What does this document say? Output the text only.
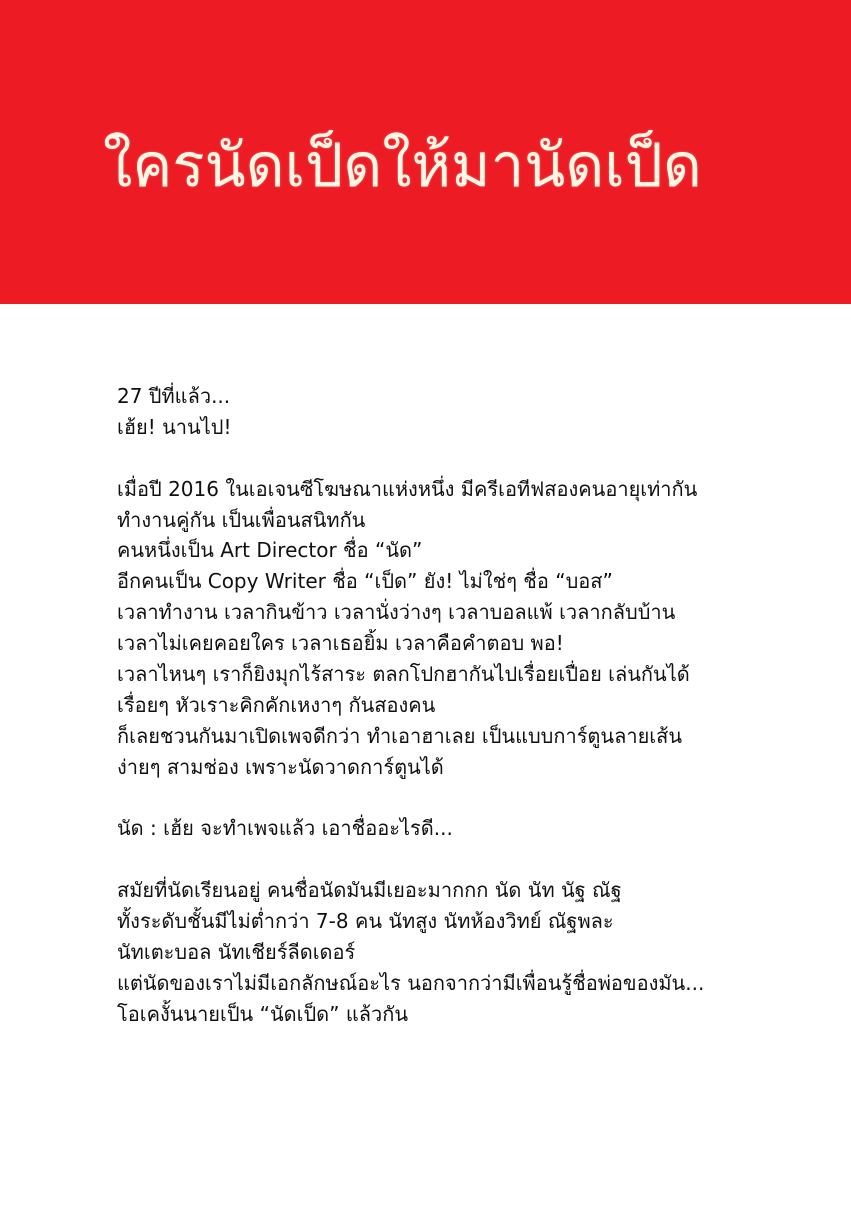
ใครนัดเป็ดให้มานัดเป็ด
27 ปีที่แล้ว...
เฮ้ย! นานไป!
เมื่อปี 2016 ในเอเจนซีโฆษณาแห่งหนึ่ง มีครีเอทีฟสองคนอายุเท่ากัน
ทำงานคู่กัน เป็นเพื่อนสนิทกัน
คนหนึ่งเป็น Art Director ชื่อ “นัด”
อีกคนเป็น Copy Writer ชื่อ “เป็ด” ยัง! ไม่ใช่ๆ ชื่อ “บอส”
เวลาทำงาน เวลากินข้าว เวลานั่งว่างๆ เวลาบอลแพ้ เวลากลับบ้าน
เวลาไม่เคยคอยใคร เวลาเธอยิ้ม เวลาคือคำตอบ พอ!
เวลาไหนๆ เราก็ยิงมุกไร้สาระ ตลกโปกฮากันไปเรื่อยเปื่อย เล่นกันได้
เรื่อยๆ หัวเราะคิกคักเหงาๆ กันสองคน
ก็เลยชวนกันมาเปิดเพจดีกว่า ทำเอาฮาเลย เป็นแบบการ์ตูนลายเส้น
ง่ายๆ สามช่อง เพราะนัดวาดการ์ตูนได้
นัด : เฮ้ย จะทำเพจแล้ว เอาชื่ออะไรดี...
สมัยที่นัดเรียนอยู่ คนชื่อนัดมันมีเยอะมากกก นัด นัท นัฐ ณัฐ
ทั้งระดับชั้นมีไม่ต่ำกว่า 7-8 คน นัทสูง นัทห้องวิทย์ ณัฐพละ
นัทเตะบอล นัทเชียร์ลีดเดอร์
แต่นัดของเราไม่มีเอกลักษณ์อะไร นอกจากว่ามีเพื่อนรู้ชื่อพ่อของมัน...
โอเคงั้นนายเป็น “นัดเป็ด” แล้วกัน
